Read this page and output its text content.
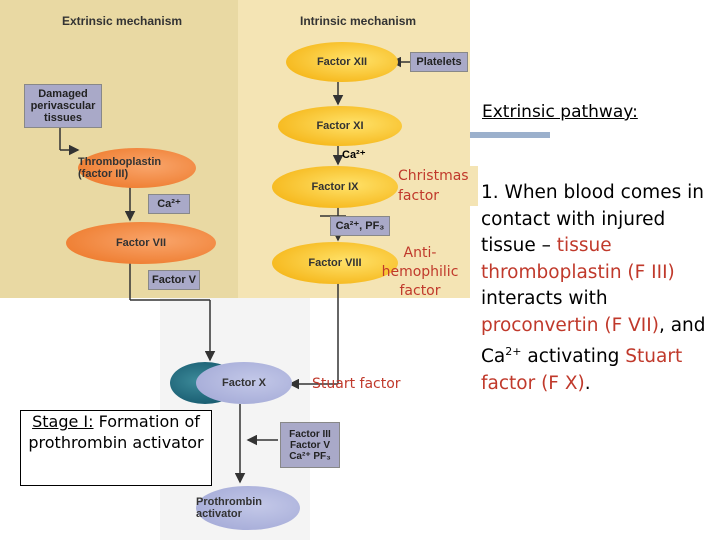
Extrinsic mechanism	Intrinsic mechanism
Damaged perivascular tissues
Thromboplastin (factor III)
Ca²⁺
Factor VII
Factor V
Factor XII	Platelets
Factor XI
Ca²⁺
Factor IX
Ca²⁺, PF₃
Factor VIII
Factor X
Factor III Factor V Ca²⁺ PF₃
Prothrombin activator
Christmas factor
Anti-hemophilic factor
Stuart factor
Stage I: Formation of prothrombin activator
Extrinsic pathway:
1. When blood comes in contact with injured tissue – tissue thromboplastin (F III) interacts with proconvertin (F VII), and $Ca^{2+}$ activating Stuart factor (F X).
